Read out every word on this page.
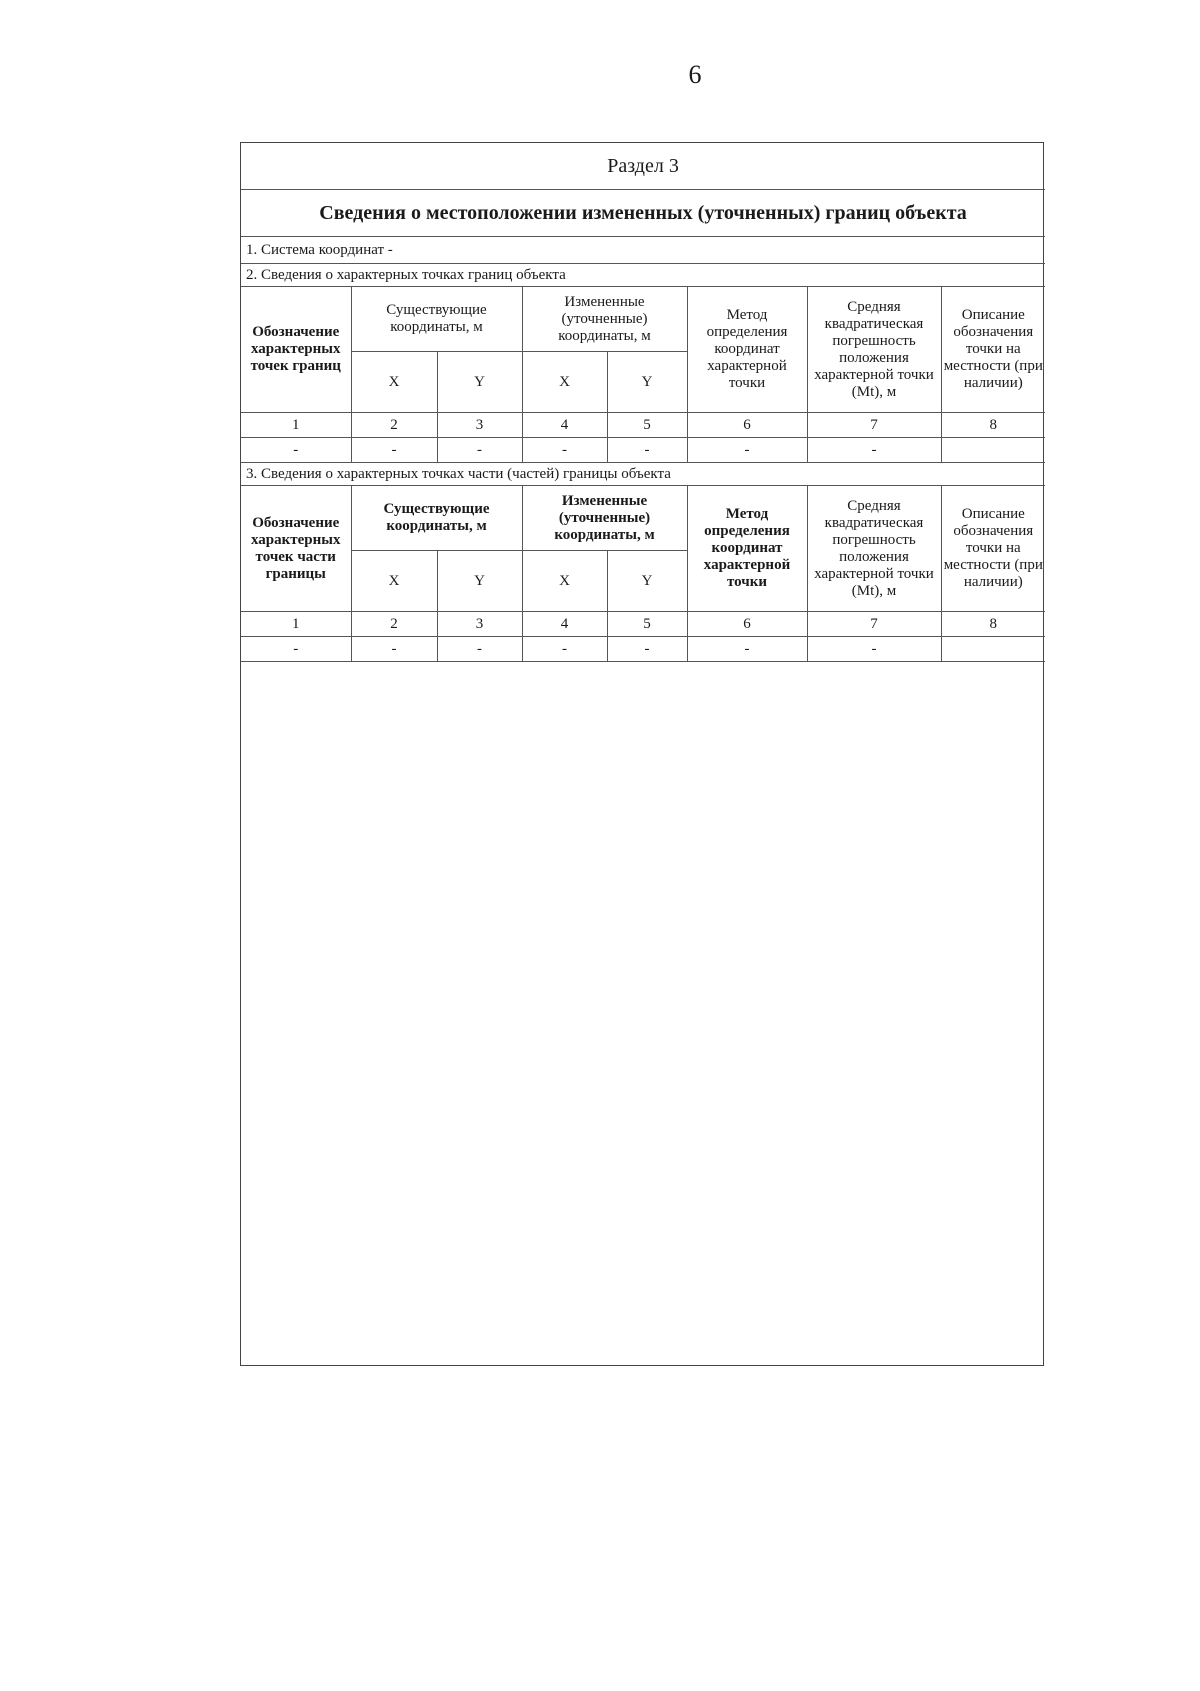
6
Раздел 3							
Сведения о местоположении измененных (уточненных) границ объекта							
1. Система координат -							
2. Сведения о характерных точках границ объекта							
Обозначение характерных точек границ	Существующие координаты, м		Измененные (уточненные) координаты, м		Метод определения координат характерной точки	Средняя квадратическая погрешность положения характерной точки (Mt), м	Описание обозначения точки на местности (при наличии)
	X	Y	X	Y			
1	2	3	4	5	6	7	8
-	-	-	-	-	-	-	
3. Сведения о характерных точках части (частей) границы объекта							
Обозначение характерных точек части границы	Существующие координаты, м		Измененные (уточненные) координаты, м		Метод определения координат характерной точки	Средняя квадратическая погрешность положения характерной точки (Mt), м	Описание обозначения точки на местности (при наличии)
	X	Y	X	Y			
1	2	3	4	5	6	7	8
-	-	-	-	-	-	-	
